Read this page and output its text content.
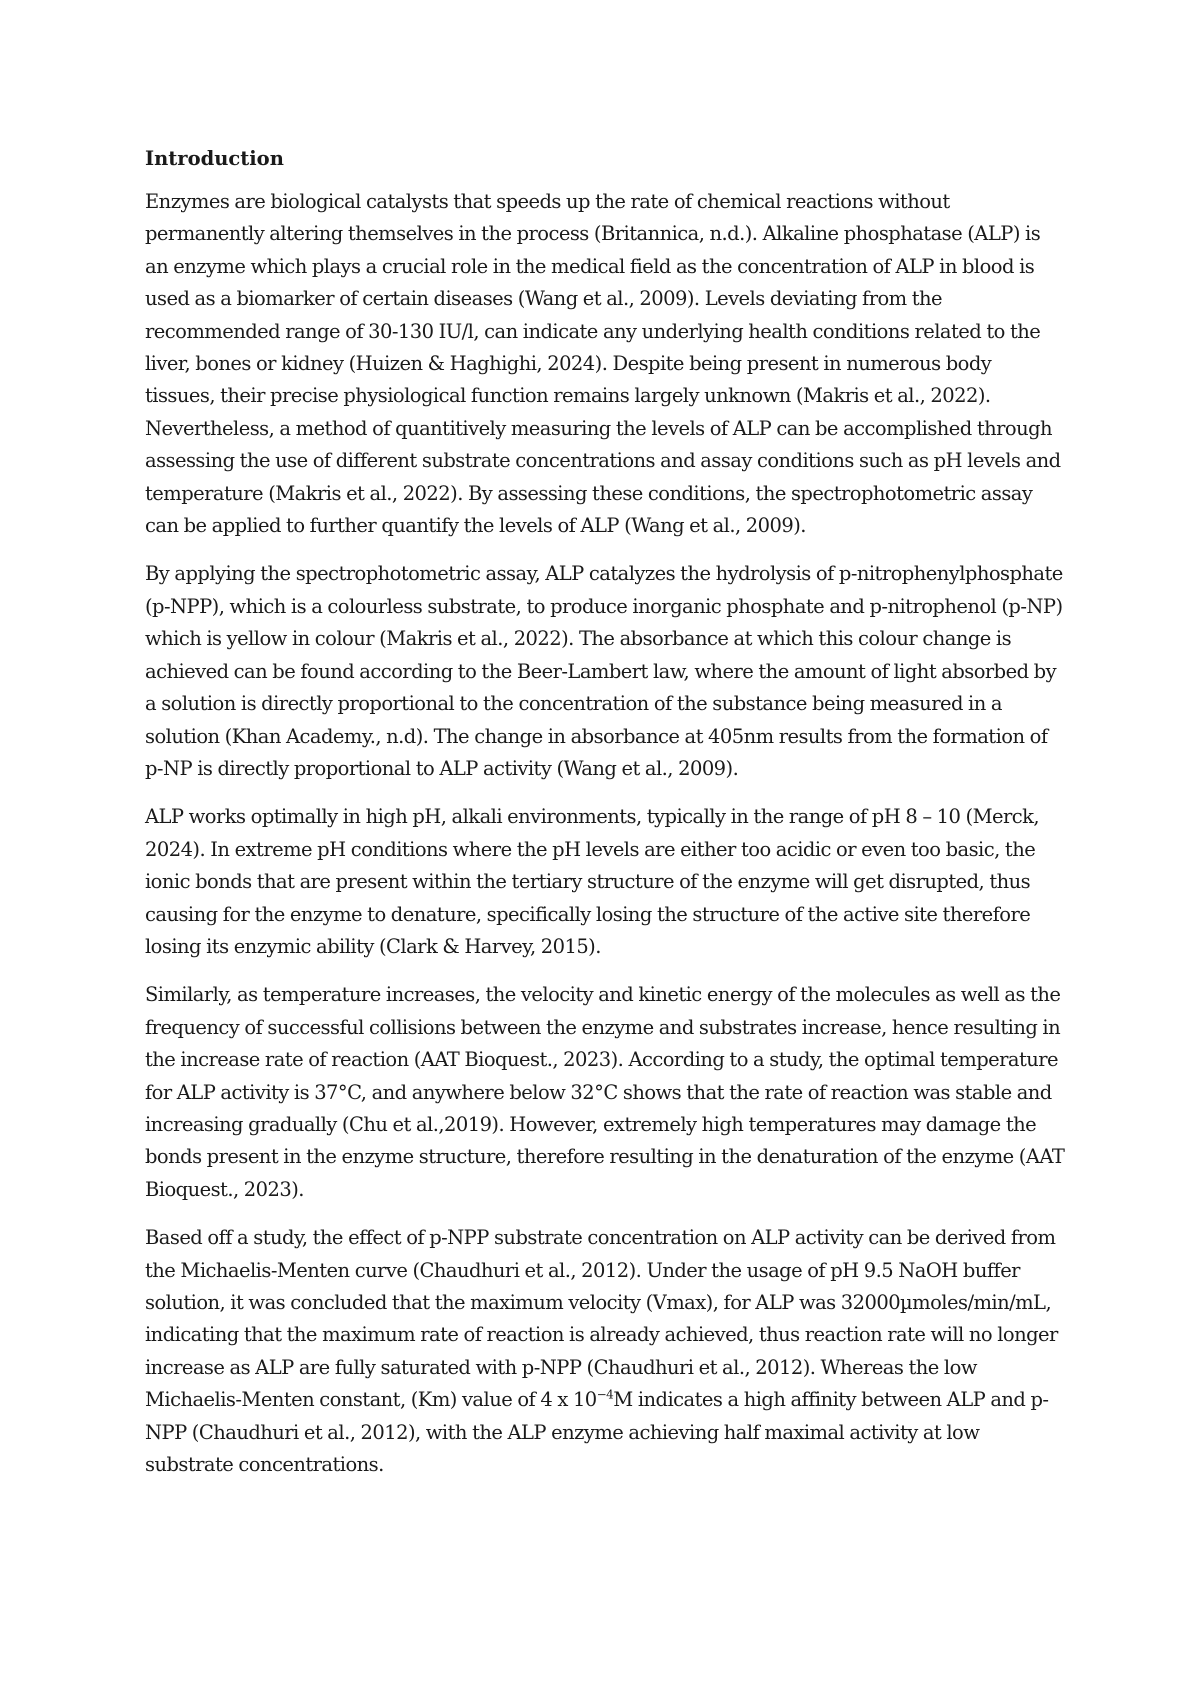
Introduction

Enzymes are biological catalysts that speeds up the rate of chemical reactions without permanently altering themselves in the process (Britannica, n.d.). Alkaline phosphatase (ALP) is an enzyme which plays a crucial role in the medical field as the concentration of ALP in blood is used as a biomarker of certain diseases (Wang et al., 2009). Levels deviating from the recommended range of 30-130 IU/l, can indicate any underlying health conditions related to the liver, bones or kidney (Huizen & Haghighi, 2024). Despite being present in numerous body tissues, their precise physiological function remains largely unknown (Makris et al., 2022). Nevertheless, a method of quantitively measuring the levels of ALP can be accomplished through assessing the use of different substrate concentrations and assay conditions such as pH levels and temperature (Makris et al., 2022). By assessing these conditions, the spectrophotometric assay can be applied to further quantify the levels of ALP (Wang et al., 2009).

By applying the spectrophotometric assay, ALP catalyzes the hydrolysis of p-nitrophenylphosphate (p-NPP), which is a colourless substrate, to produce inorganic phosphate and p-nitrophenol (p-NP) which is yellow in colour (Makris et al., 2022). The absorbance at which this colour change is achieved can be found according to the Beer-Lambert law, where the amount of light absorbed by a solution is directly proportional to the concentration of the substance being measured in a solution (Khan Academy., n.d). The change in absorbance at 405nm results from the formation of p-NP is directly proportional to ALP activity (Wang et al., 2009).

ALP works optimally in high pH, alkali environments, typically in the range of pH 8 – 10 (Merck, 2024). In extreme pH conditions where the pH levels are either too acidic or even too basic, the ionic bonds that are present within the tertiary structure of the enzyme will get disrupted, thus causing for the enzyme to denature, specifically losing the structure of the active site therefore losing its enzymic ability (Clark & Harvey, 2015).

Similarly, as temperature increases, the velocity and kinetic energy of the molecules as well as the frequency of successful collisions between the enzyme and substrates increase, hence resulting in the increase rate of reaction (AAT Bioquest., 2023). According to a study, the optimal temperature for ALP activity is 37°C, and anywhere below 32°C shows that the rate of reaction was stable and increasing gradually (Chu et al.,2019). However, extremely high temperatures may damage the bonds present in the enzyme structure, therefore resulting in the denaturation of the enzyme (AAT Bioquest., 2023).

Based off a study, the effect of p-NPP substrate concentration on ALP activity can be derived from the Michaelis-Menten curve (Chaudhuri et al., 2012). Under the usage of pH 9.5 NaOH buffer solution, it was concluded that the maximum velocity (Vmax), for ALP was 32000µmoles/min/mL, indicating that the maximum rate of reaction is already achieved, thus reaction rate will no longer increase as ALP are fully saturated with p-NPP (Chaudhuri et al., 2012). Whereas the low Michaelis-Menten constant, (Km) value of 4 x $10^{-4}M$ indicates a high affinity between ALP and p-NPP (Chaudhuri et al., 2012), with the ALP enzyme achieving half maximal activity at low substrate concentrations.
